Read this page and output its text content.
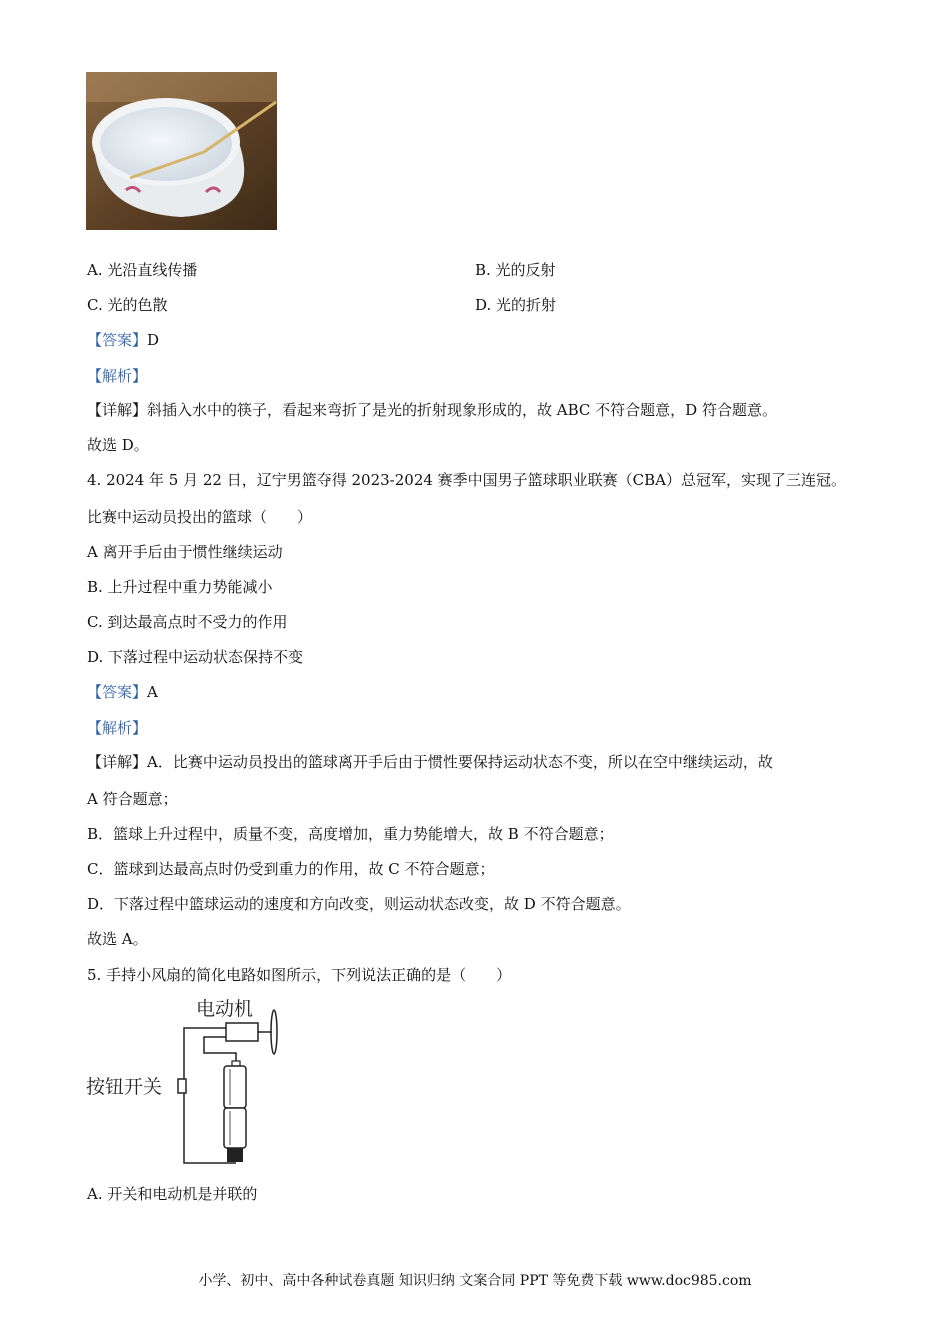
A. 光沿直线传播	B. 光的反射
C. 光的色散	D. 光的折射
【答案】D
【解析】
【详解】斜插入水中的筷子，看起来弯折了是光的折射现象形成的，故 ABC 不符合题意，D 符合题意。
故选 D。
4. 2024 年 5 月 22 日，辽宁男篮夺得 2023-2024 赛季中国男子篮球职业联赛（CBA）总冠军，实现了三连冠。
比赛中运动员投出的篮球（　　）
A 离开手后由于惯性继续运动
B. 上升过程中重力势能减小
C. 到达最高点时不受力的作用
D. 下落过程中运动状态保持不变
【答案】A
【解析】
【详解】A．比赛中运动员投出的篮球离开手后由于惯性要保持运动状态不变，所以在空中继续运动，故
A 符合题意；
B．篮球上升过程中，质量不变，高度增加，重力势能增大，故 B 不符合题意；
C．篮球到达最高点时仍受到重力的作用，故 C 不符合题意；
D．下落过程中篮球运动的速度和方向改变，则运动状态改变，故 D 不符合题意。
故选 A。
5. 手持小风扇的简化电路如图所示，下列说法正确的是（　　）
电动机
按钮开关
A. 开关和电动机是并联的
小学、初中、高中各种试卷真题 知识归纳 文案合同 PPT 等免费下载 www.doc985.com
